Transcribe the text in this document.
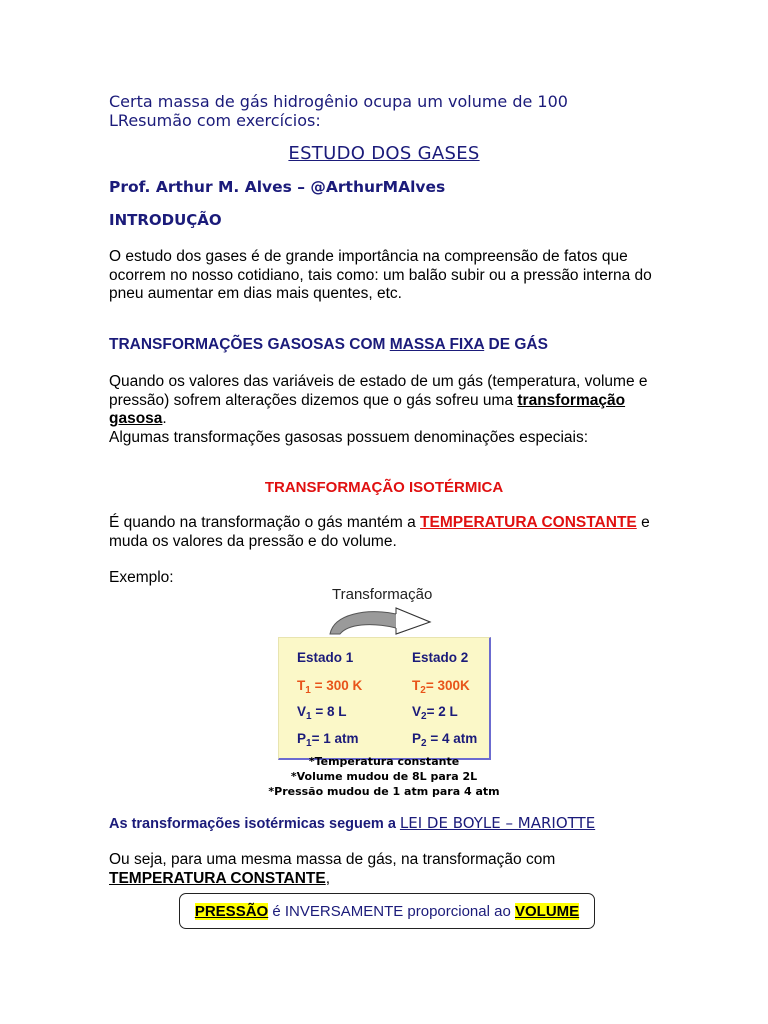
Certa massa de gás hidrogênio ocupa um volume de 100
LResumão com exercícios:
ESTUDO DOS GASES
Prof. Arthur M. Alves – @ArthurMAlves
INTRODUÇÃO
O estudo dos gases é de grande importância na compreensão de fatos que
ocorrem no nosso cotidiano, tais como: um balão subir ou a pressão interna do
pneu aumentar em dias mais quentes, etc.
TRANSFORMAÇÕES GASOSAS COM MASSA FIXA DE GÁS
Quando os valores das variáveis de estado de um gás (temperatura, volume e
pressão) sofrem alterações dizemos que o gás sofreu uma transformação
gasosa.
Algumas transformações gasosas possuem denominações especiais:
TRANSFORMAÇÃO ISOTÉRMICA
É quando na transformação o gás mantém a TEMPERATURA CONSTANTE e
muda os valores da pressão e do volume.
Exemplo:
Transformação
Estado 1	Estado 2
$T_1 = 300$ K	$T_2= 300K$
$V_1 = 8$ L	$V_2= 2$ L
$P_1= 1$ atm	$P_2 = 4$ atm
*Temperatura constante
*Volume mudou de 8L para 2L
*Pressão mudou de 1 atm para 4 atm
As transformações isotérmicas seguem a LEI DE BOYLE – MARIOTTE
Ou seja, para uma mesma massa de gás, na transformação com
TEMPERATURA CONSTANTE,
PRESSÃO é INVERSAMENTE proporcional ao VOLUME
